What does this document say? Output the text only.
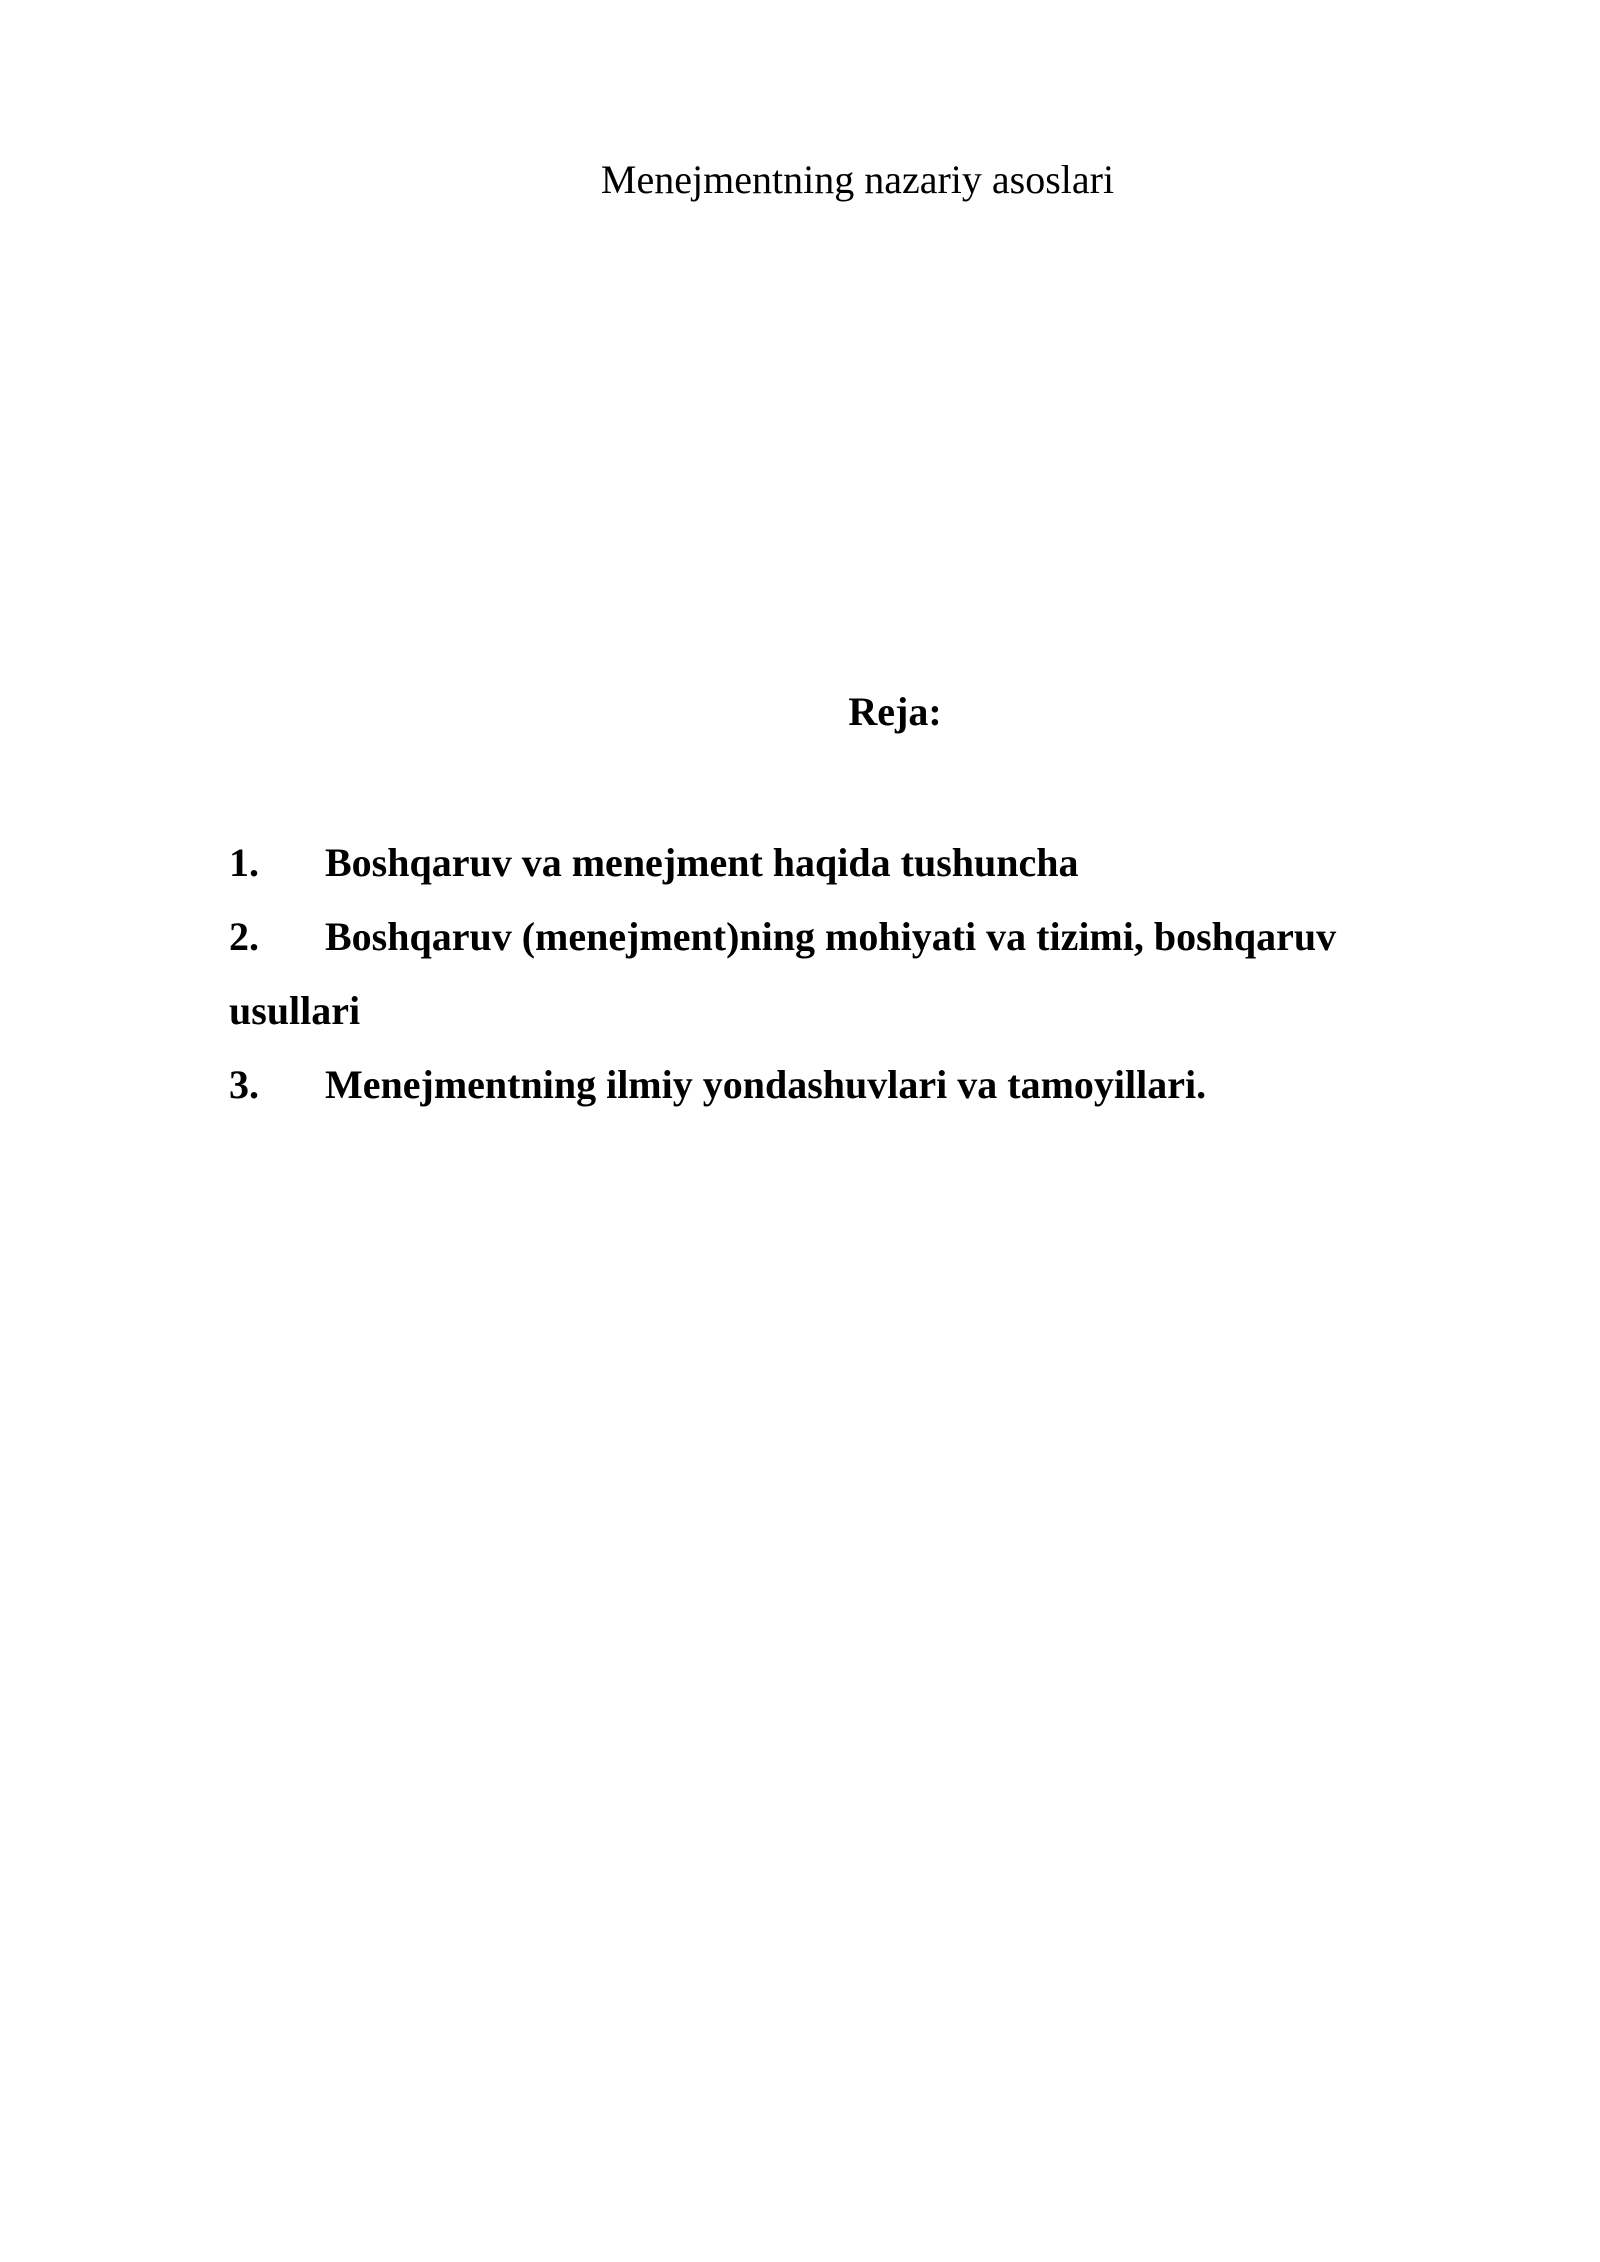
Menejmentning nazariy asoslari
Reja:
1. Boshqaruv va menejment haqida tushuncha
2. Boshqaruv (menejment)ning mohiyati va tizimi, boshqaruv usullari
3. Menejmentning ilmiy yondashuvlari va tamoyillari.
